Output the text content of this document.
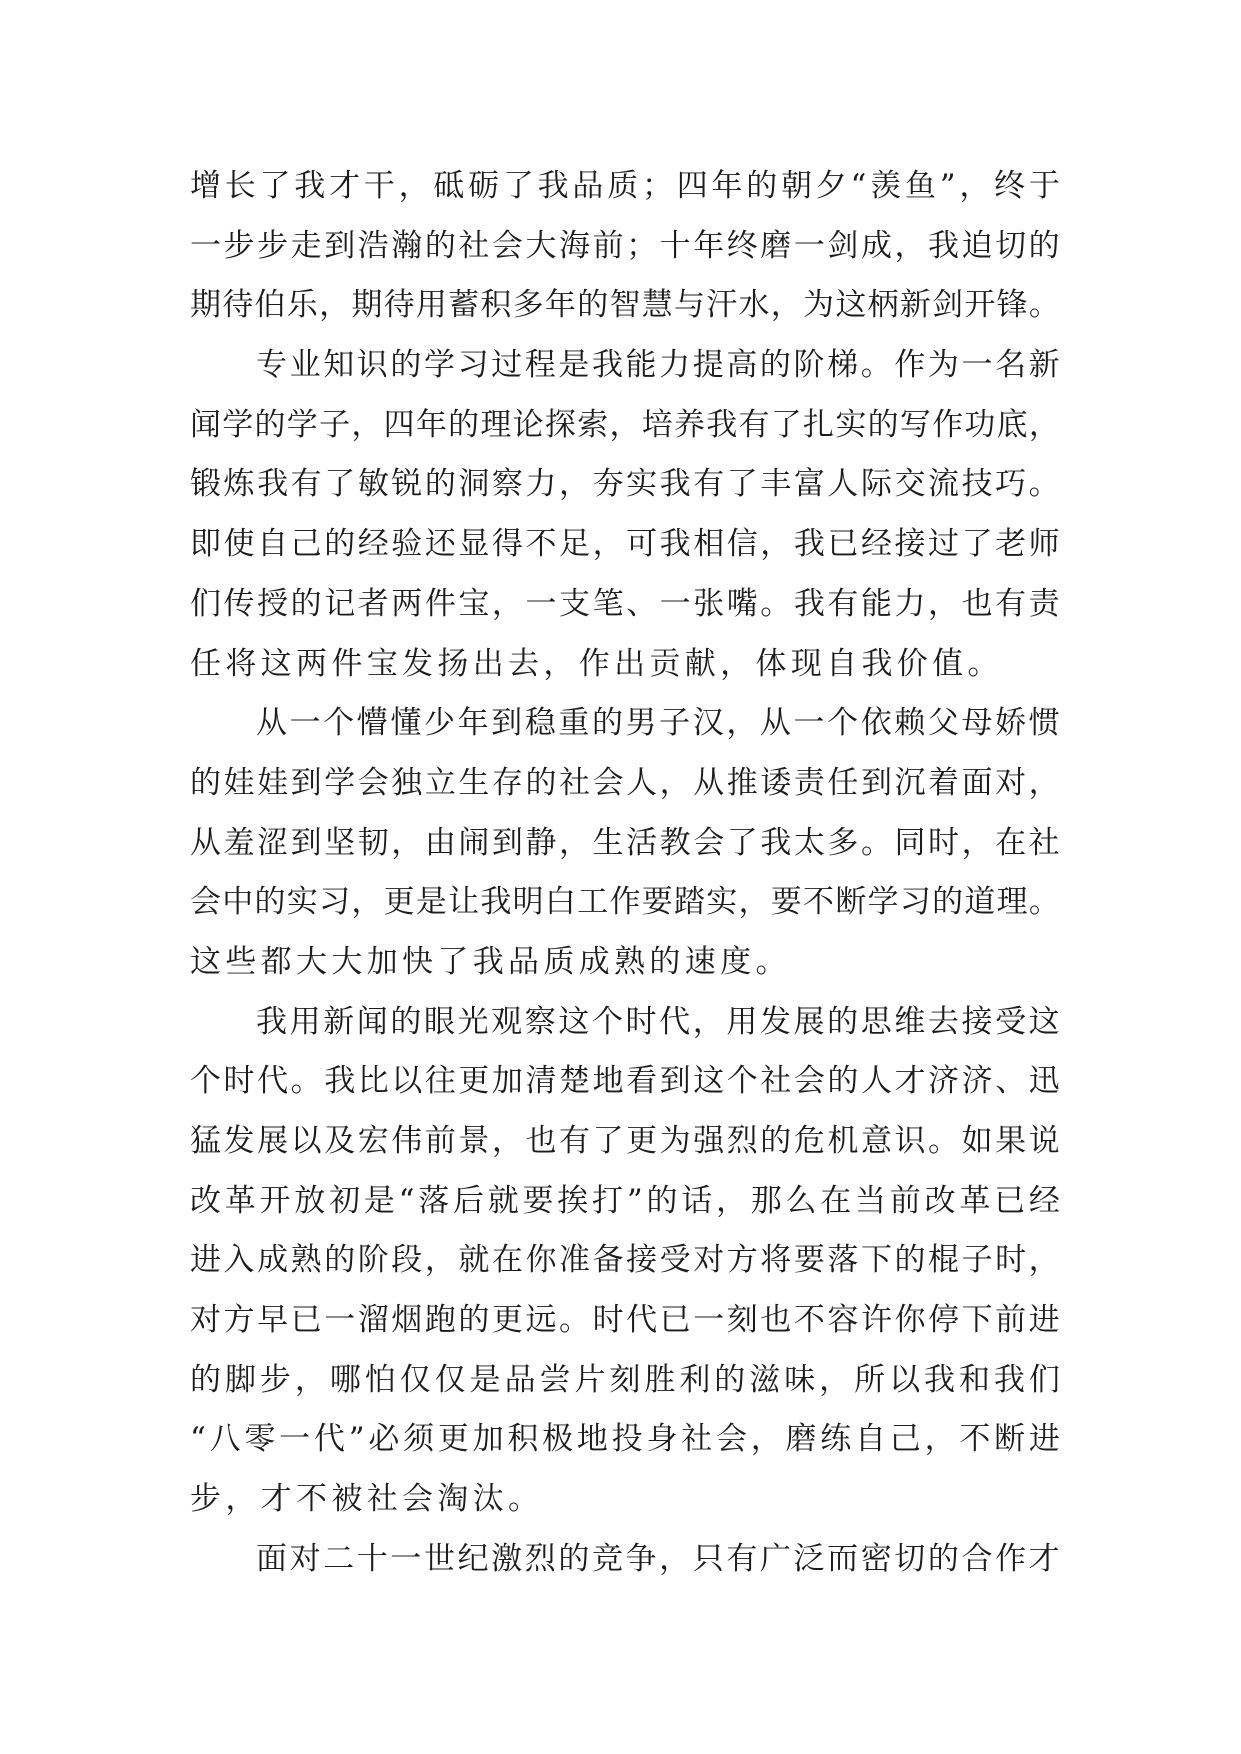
增 长 了 我 才 干 ， 砥 砺 了 我 品 质 ； 四 年 的 朝 夕 “ 羡 鱼 ” ， 终 于
一 步 步 走 到 浩 瀚 的 社 会 大 海 前 ； 十 年 终 磨 一 剑 成 ， 我 迫 切 的
期 待 伯 乐 ， 期 待 用 蓄 积 多 年 的 智 慧 与 汗 水 ， 为 这 柄 新 剑 开 锋 。
专 业 知 识 的 学 习 过 程 是 我 能 力 提 高 的 阶 梯 。 作 为 一 名 新
闻 学 的 学 子 ， 四 年 的 理 论 探 索 ， 培 养 我 有 了 扎 实 的 写 作 功 底 ，
锻 炼 我 有 了 敏 锐 的 洞 察 力 ， 夯 实 我 有 了 丰 富 人 际 交 流 技 巧 。
即 使 自 己 的 经 验 还 显 得 不 足 ， 可 我 相 信 ， 我 已 经 接 过 了 老 师
们 传 授 的 记 者 两 件 宝 ， 一 支 笔 、 一 张 嘴 。 我 有 能 力 ， 也 有 责
任将这两件宝发扬出去，作出贡献，体现自我价值。
从 一 个 懵 懂 少 年 到 稳 重 的 男 子 汉 ， 从 一 个 依 赖 父 母 娇 惯
的 娃 娃 到 学 会 独 立 生 存 的 社 会 人 ， 从 推 诿 责 任 到 沉 着 面 对 ，
从 羞 涩 到 坚 韧 ， 由 闹 到 静 ， 生 活 教 会 了 我 太 多 。 同 时 ， 在 社
会 中 的 实 习 ， 更 是 让 我 明 白 工 作 要 踏 实 ， 要 不 断 学 习 的 道 理 。
这些都大大加快了我品质成熟的速度。
我 用 新 闻 的 眼 光 观 察 这 个 时 代 ， 用 发 展 的 思 维 去 接 受 这
个 时 代 。 我 比 以 往 更 加 清 楚 地 看 到 这 个 社 会 的 人 才 济 济 、 迅
猛 发 展 以 及 宏 伟 前 景 ， 也 有 了 更 为 强 烈 的 危 机 意 识 。 如 果 说
改 革 开 放 初 是 “ 落 后 就 要 挨 打 ” 的 话 ， 那 么 在 当 前 改 革 已 经
进 入 成 熟 的 阶 段 ， 就 在 你 准 备 接 受 对 方 将 要 落 下 的 棍 子 时 ，
对 方 早 已 一 溜 烟 跑 的 更 远 。 时 代 已 一 刻 也 不 容 许 你 停 下 前 进
的 脚 步 ， 哪 怕 仅 仅 是 品 尝 片 刻 胜 利 的 滋 味 ， 所 以 我 和 我 们
“ 八 零 一 代 ” 必 须 更 加 积 极 地 投 身 社 会 ， 磨 练 自 己 ， 不 断 进
步，才不被社会淘汰。
面 对 二 十 一 世 纪 激 烈 的 竞 争 ， 只 有 广 泛 而 密 切 的 合 作 才
